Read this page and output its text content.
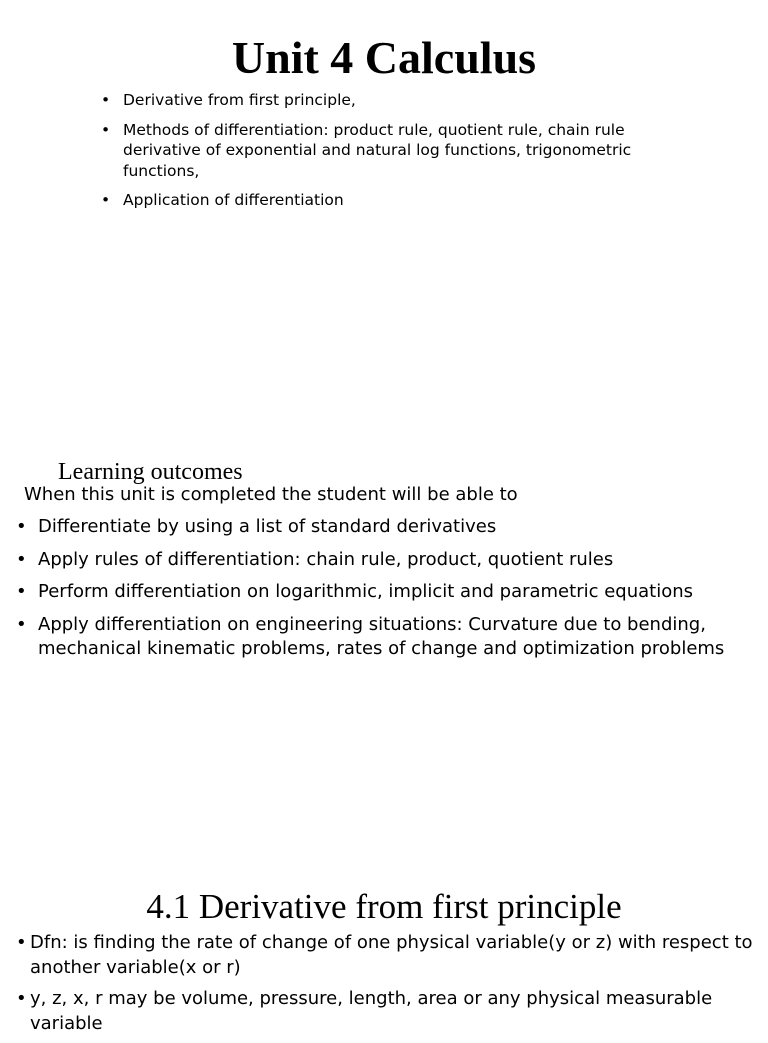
Unit 4 Calculus
• Derivative from first principle,
• Methods of differentiation: product rule, quotient rule, chain rule derivative of exponential and natural log functions, trigonometric functions,
• Application of differentiation
Learning outcomes

When this unit is completed the student will be able to

• Differentiate by using a list of standard derivatives
• Apply rules of differentiation: chain rule, product, quotient rules
• Perform differentiation on logarithmic, implicit and parametric equations
• Apply differentiation on engineering situations: Curvature due to bending, mechanical kinematic problems, rates of change and optimization problems
4.1 Derivative from first principle
• Dfn: is finding the rate of change of one physical variable(y or z) with respect to another variable(x or r)
• y, z, x, r may be volume, pressure, length, area or any physical measurable variable
